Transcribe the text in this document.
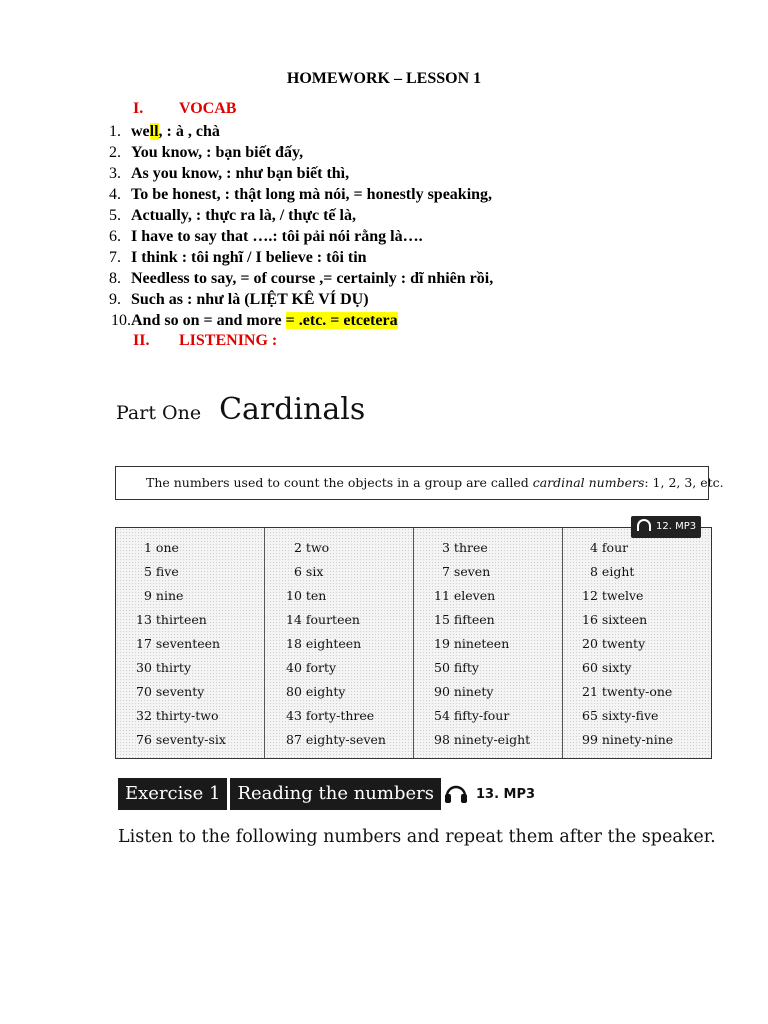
HOMEWORK – LESSON 1
I. VOCAB
1. well, : à , chà
2. You know, : bạn biết đấy,
3. As you know, : như bạn biết thì,
4. To be honest, : thật long mà nói, = honestly speaking,
5. Actually, : thực ra là, / thực tế là,
6. I have to say that ….: tôi pải nói rằng là….
7. I think : tôi nghĩ / I believe : tôi tin
8. Needless to say, = of course ,= certainly : dĩ nhiên rồi,
9. Such as : như là (LIỆT KÊ VÍ DỤ)
10. And so on = and more = .etc. = etcetera
II. LISTENING :
Part One Cardinals
The numbers used to count the objects in a group are called cardinal numbers: 1, 2, 3, etc.
1 one	2 two	3 three	4 four
5 five	6 six	7 seven	8 eight
9 nine	10 ten	11 eleven	12 twelve
13 thirteen	14 fourteen	15 fifteen	16 sixteen
17 seventeen	18 eighteen	19 nineteen	20 twenty
30 thirty	40 forty	50 fifty	60 sixty
70 seventy	80 eighty	90 ninety	21 twenty-one
32 thirty-two	43 forty-three	54 fifty-four	65 sixty-five
76 seventy-six	87 eighty-seven	98 ninety-eight	99 ninety-nine
12. MP3
Exercise 1 Reading the numbers	13. MP3
Listen to the following numbers and repeat them after the speaker.
